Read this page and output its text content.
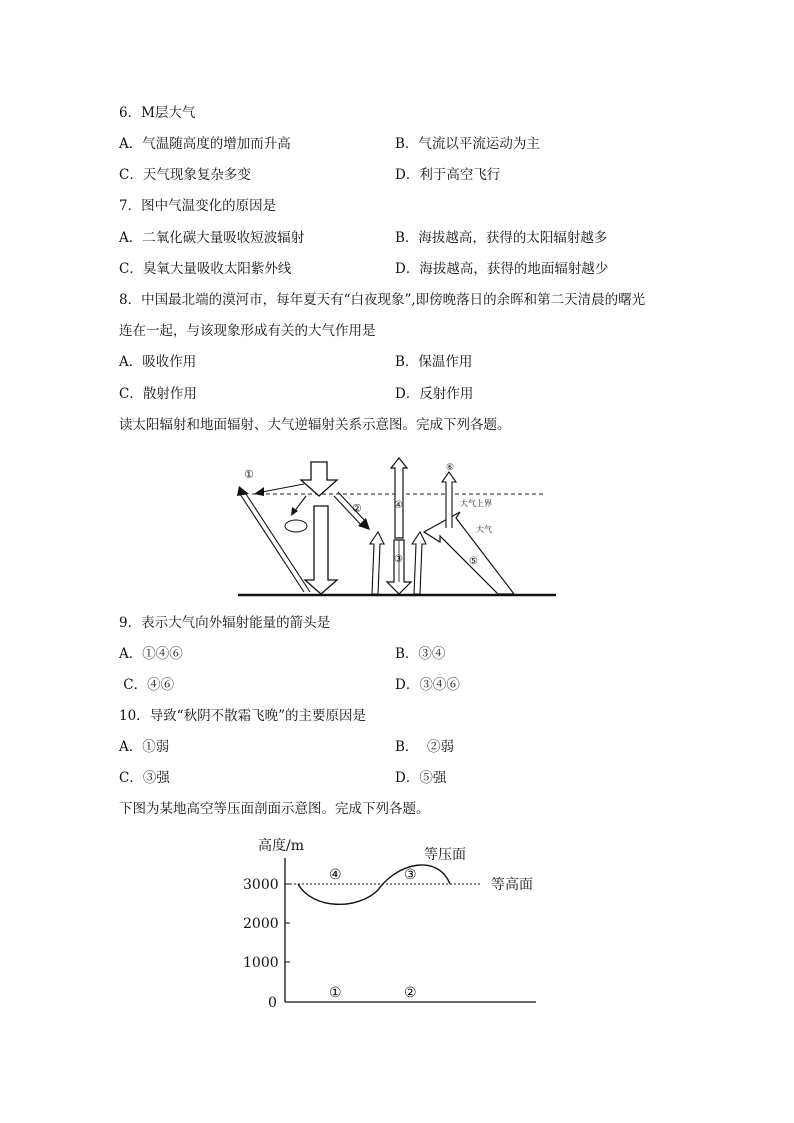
6．M层大气
A．气温随高度的增加而升高	B．气流以平流运动为主
C．天气现象复杂多变	D．利于高空飞行
7．图中气温变化的原因是
A．二氧化碳大量吸收短波辐射	B．海拔越高，获得的太阳辐射越多
C．臭氧大量吸收太阳紫外线	D．海拔越高，获得的地面辐射越少
8．中国最北端的漠河市，每年夏天有“白夜现象”,即傍晚落日的余晖和第二天清晨的曙光
连在一起，与该现象形成有关的大气作用是
A．吸收作用	B．保温作用
C．散射作用	D．反射作用
读太阳辐射和地面辐射、大气逆辐射关系示意图。完成下列各题。
①
②	④
③	⑤
⑥
大气上界
大气
9．表示大气向外辐射能量的箭头是
A．①④⑥	B．③④
C．④⑥	D．③④⑥
10．导致“秋阴不散霜飞晚”的主要原因是
A．①弱	B．  ②弱
C．③强	D．⑤强
下图为某地高空等压面剖面示意图。完成下列各题。
高度/m
3000
2000
1000
0
等高面
等压面
④	③
①	②
